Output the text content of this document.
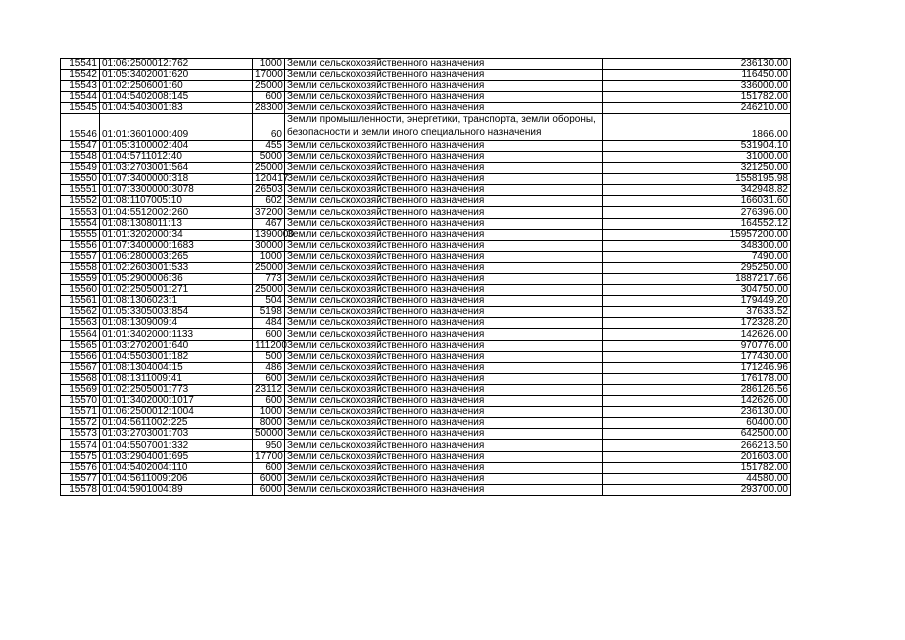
15541	01:06:2500012:762	1000	Земли сельскохозяйственного назначения	236130.00
15542	01:05:3402001:620	17000	Земли сельскохозяйственного назначения	116450.00
15543	01:02:2506001:60	25000	Земли сельскохозяйственного назначения	336000.00
15544	01:04:5402008:145	600	Земли сельскохозяйственного назначения	151782.00
15545	01:04:5403001:83	28300	Земли сельскохозяйственного назначения	246210.00
15546	01:01:3601000:409	60	Земли промышленности, энергетики, транспорта, земли обороны, безопасности и земли иного специального назначения	1866.00
15547	01:05:3100002:404	455	Земли сельскохозяйственного назначения	531904.10
15548	01:04:5711012:40	5000	Земли сельскохозяйственного назначения	31000.00
15549	01:03:2703001:564	25000	Земли сельскохозяйственного назначения	321250.00
15550	01:07:3400000:318	120417	Земли сельскохозяйственного назначения	1558195.98
15551	01:07:3300000:3078	26503	Земли сельскохозяйственного назначения	342948.82
15552	01:08:1107005:10	602	Земли сельскохозяйственного назначения	166031.60
15553	01:04:5512002:260	37200	Земли сельскохозяйственного назначения	276396.00
15554	01:08:1308011:13	467	Земли сельскохозяйственного назначения	164552.12
15555	01:01:3202000:34	1390000	Земли сельскохозяйственного назначения	15957200.00
15556	01:07:3400000:1683	30000	Земли сельскохозяйственного назначения	348300.00
15557	01:06:2800003:265	1000	Земли сельскохозяйственного назначения	7490.00
15558	01:02:2603001:533	25000	Земли сельскохозяйственного назначения	295250.00
15559	01:05:2900006:36	773	Земли сельскохозяйственного назначения	1887217.66
15560	01:02:2505001:271	25000	Земли сельскохозяйственного назначения	304750.00
15561	01:08:1306023:1	504	Земли сельскохозяйственного назначения	179449.20
15562	01:05:3305003:854	5198	Земли сельскохозяйственного назначения	37633.52
15563	01:08:1309009:4	484	Земли сельскохозяйственного назначения	172328.20
15564	01:01:3402000:1133	600	Земли сельскохозяйственного назначения	142626.00
15565	01:03:2702001:640	111200	Земли сельскохозяйственного назначения	970776.00
15566	01:04:5503001:182	500	Земли сельскохозяйственного назначения	177430.00
15567	01:08:1304004:15	486	Земли сельскохозяйственного назначения	171246.96
15568	01:08:1311009:41	600	Земли сельскохозяйственного назначения	176178.00
15569	01:02:2505001:773	23112	Земли сельскохозяйственного назначения	286126.56
15570	01:01:3402000:1017	600	Земли сельскохозяйственного назначения	142626.00
15571	01:06:2500012:1004	1000	Земли сельскохозяйственного назначения	236130.00
15572	01:04:5611002:225	8000	Земли сельскохозяйственного назначения	60400.00
15573	01:03:2703001:703	50000	Земли сельскохозяйственного назначения	642500.00
15574	01:04:5507001:332	950	Земли сельскохозяйственного назначения	266213.50
15575	01:03:2904001:695	17700	Земли сельскохозяйственного назначения	201603.00
15576	01:04:5402004:110	600	Земли сельскохозяйственного назначения	151782.00
15577	01:04:5611009:206	6000	Земли сельскохозяйственного назначения	44580.00
15578	01:04:5901004:89	6000	Земли сельскохозяйственного назначения	293700.00
